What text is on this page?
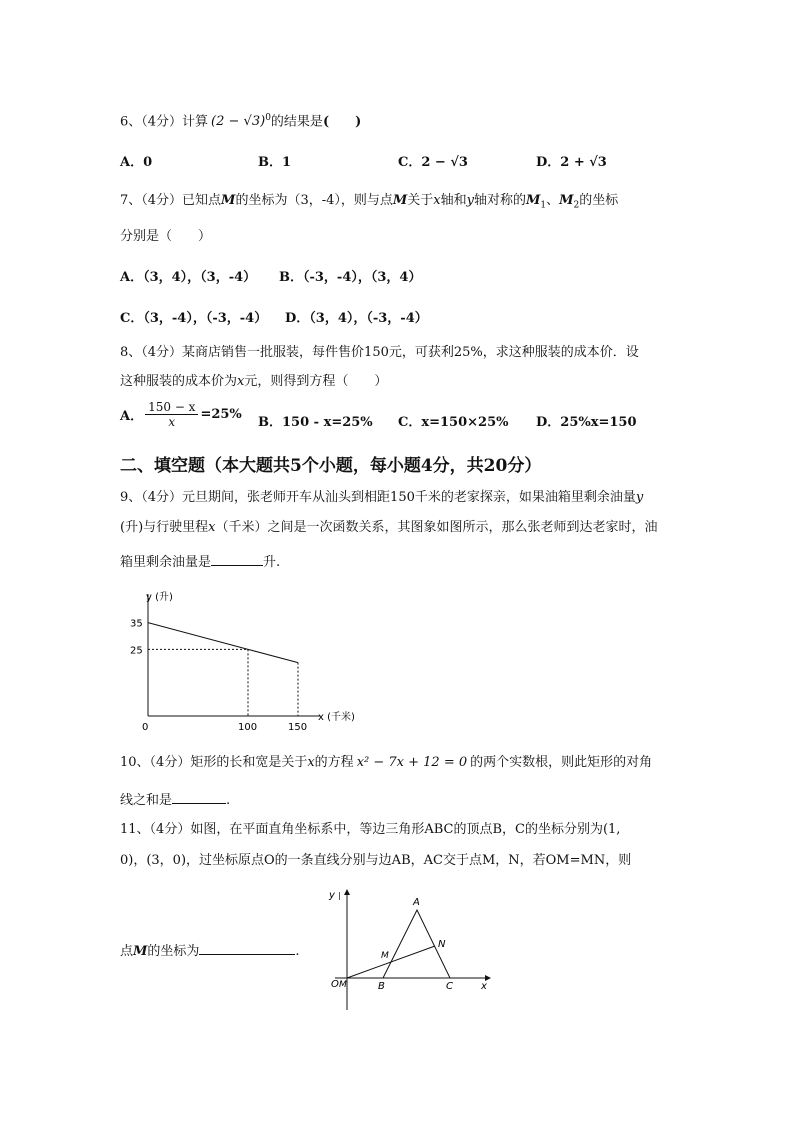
6、（4分）计算 $(2 - √3)^0$的结果是(　　)
A．0	B．1	C．2 − √3	D．2 + √3
7、（4分）已知点M的坐标为（3，-4），则与点M关于x轴和y轴对称的$M_1$、$M_2$的坐标
分别是（　　）
A．（3，4），（3，-4） B．（-3，-4），（3，4）
C．（3，-4），（-3，-4） D．（3，4），（-3，-4）
8、（4分）某商店销售一批服装，每件售价150元，可获利25%，求这种服装的成本价．设
这种服装的成本价为x元，则得到方程（　　）
A． $\frac{150 - x}{x} =25\%$
B．150 - x=25% C．x=150×25% D．25%x=150
二、填空题（本大题共5个小题，每小题4分，共20分）
9、（4分）元旦期间，张老师开车从汕头到相距150千米的老家探亲，如果油箱里剩余油量y
(升)与行驶里程x（千米）之间是一次函数关系，其图象如图所示，那么张老师到达老家时，油
箱里剩余油量是	升.
y (升)
x (千米)
0
35
25
100	150
10、（4分）矩形的长和宽是关于x的方程 x² − 7x + 12 = 0 的两个实数根，则此矩形的对角
线之和是	.
11、（4分）如图，在平面直角坐标系中，等边三角形ABC的顶点B，C的坐标分别为(1,
0)，(3，0)，过坐标原点O的一条直线分别与边AB，AC交于点M，N，若OM=MN，则
点M的坐标为	.
y |
O M
A
B	C
N
M
x
